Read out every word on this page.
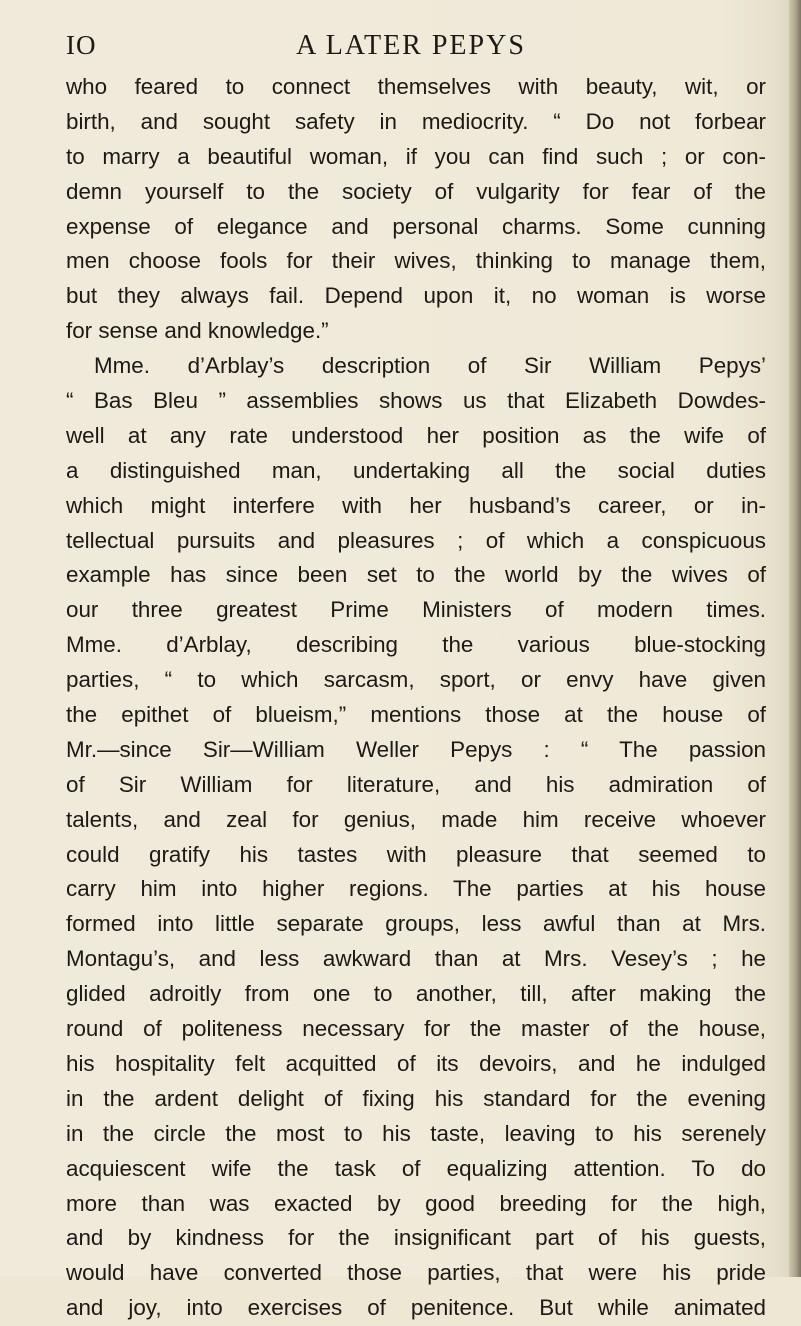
IO	A LATER PEPYS
who feared to connect themselves with beauty, wit, or
birth, and sought safety in mediocrity. “ Do not forbear
to marry a beautiful woman, if you can find such ; or con-
demn yourself to the society of vulgarity for fear of the
expense of elegance and personal charms. Some cunning
men choose fools for their wives, thinking to manage them,
but they always fail. Depend upon it, no woman is worse
for sense and knowledge.”
Mme. d’Arblay’s description of Sir William Pepys’
“ Bas Bleu ” assemblies shows us that Elizabeth Dowdes-
well at any rate understood her position as the wife of
a distinguished man, undertaking all the social duties
which might interfere with her husband’s career, or in-
tellectual pursuits and pleasures ; of which a conspicuous
example has since been set to the world by the wives of
our three greatest Prime Ministers of modern times.
Mme. d’Arblay, describing the various blue-stocking
parties, “ to which sarcasm, sport, or envy have given
the epithet of blueism,” mentions those at the house of
Mr.—since Sir—William Weller Pepys : “ The passion
of Sir William for literature, and his admiration of
talents, and zeal for genius, made him receive whoever
could gratify his tastes with pleasure that seemed to
carry him into higher regions. The parties at his house
formed into little separate groups, less awful than at Mrs.
Montagu’s, and less awkward than at Mrs. Vesey’s ; he
glided adroitly from one to another, till, after making the
round of politeness necessary for the master of the house,
his hospitality felt acquitted of its devoirs, and he indulged
in the ardent delight of fixing his standard for the evening
in the circle the most to his taste, leaving to his serenely
acquiescent wife the task of equalizing attention. To do
more than was exacted by good breeding for the high,
and by kindness for the insignificant part of his guests,
would have converted those parties, that were his pride
and joy, into exercises of penitence. But while animated
